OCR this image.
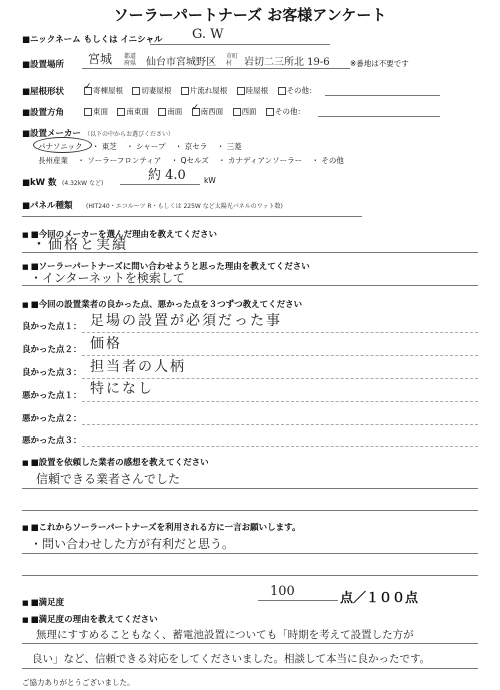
ソーラーパートナーズ お客様アンケート
■ニックネーム もしくは イニシャル G. W
■設置場所 宮城 都道府県 仙台市宮城野区
市町村	岩切二三所北 19-6	※番地は不要です
■屋根形状 ✓	寄棟屋根 切妻屋根 片流れ屋根 陸屋根 その他：
■設置方角	東面 南東面 南面 ✓ 南西面 西面 その他：
■設置メーカー （以下の中からお選びください）
パナソニック ・ 東芝 ・ シャープ ・ 京セラ ・ 三菱
長州産業 ・ ソーラーフロンティア ・ Qセルズ ・ カナディアンソーラー ・ その他
■kW 数 (4.32kW など)
約 4.0 kW
■パネル種類 (HIT240・エコルーツ R・もしくは 225W など太陽光パネルのワット数)
■ ■今回のメーカーを選んだ理由を教えてください
・価格と実績
■ ■ソーラーパートナーズに問い合わせようと思った理由を教えてください
・インターネットを検索して
■ ■今回の設置業者の良かった点、悪かった点を３つずつ教えてください
良かった点１： 足場の設置が必須だった事
良かった点２： 価格
良かった点３： 担当者の人柄
悪かった点１： 特になし
悪かった点２：
悪かった点３：
■ ■設置を依頼した業者の感想を教えてください
信頼できる業者さんでした
■ ■これからソーラーパートナーズを利用される方に一言お願いします。
・問い合わせした方が有利だと思う。
■ ■満足度
100	点／１００点
■ ■満足度の理由を教えてください
無理にすすめることもなく、蓄電池設置についても「時期を考えて設置した方が
良い」など、信頼できる対応をしてくださいました。相談して本当に良かったです。
ご協力ありがとうございました。
